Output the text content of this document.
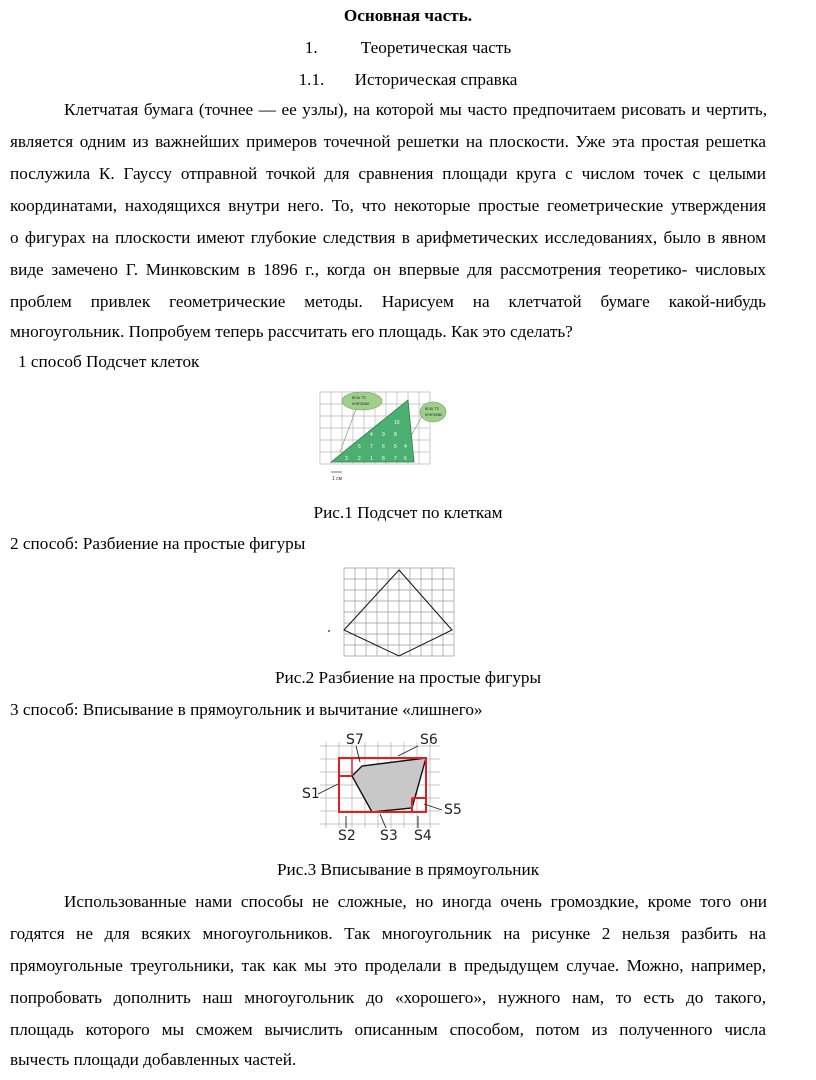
Основная часть.
1.	Теоретическая часть
1.1. Историческая справка
Клетчатая бумага (точнее — ее узлы), на которой мы часто предпочитаем рисовать и чертить,
является одним из важнейших примеров точечной решетки на плоскости. Уже эта простая решетка
послужила К. Гауссу отправной точкой для сравнения площади круга с числом точек с целыми
координатами, находящихся внутри него. То, что некоторые простые геометрические утверждения
о фигурах на плоскости имеют глубокие следствия в арифметических исследованиях, было в явном
виде замечено Г. Минковским в 1896 г., когда он впервые для рассмотрения теоретико- числовых
проблем привлек геометрические методы. Нарисуем на клетчатой бумаге какой-нибудь
многоугольник. Попробуем теперь рассчитать его площадь. Как это сделать?
1 способ Подсчет клеток
10
9 8
7 6 5 4
3 2 1 8 7 6
5
4
всю 7с
клеткам
всю 7с
клеткам
1 см
Рис.1 Подсчет по клеткам
2 способ: Разбиение на простые фигуры
Рис.2 Разбиение на простые фигуры
3 способ: Вписывание в прямоугольник и вычитание «лишнего»
S7	S6
S1
S5
S2 S3 S4
Рис.3 Вписывание в прямоугольник
Использованные нами способы не сложные, но иногда очень громоздкие, кроме того они
годятся не для всяких многоугольников. Так многоугольник на рисунке 2 нельзя разбить на
прямоугольные треугольники, так как мы это проделали в предыдущем случае. Можно, например,
попробовать дополнить наш многоугольник до «хорошего», нужного нам, то есть до такого,
площадь которого мы сможем вычислить описанным способом, потом из полученного числа
вычесть площади добавленных частей.
